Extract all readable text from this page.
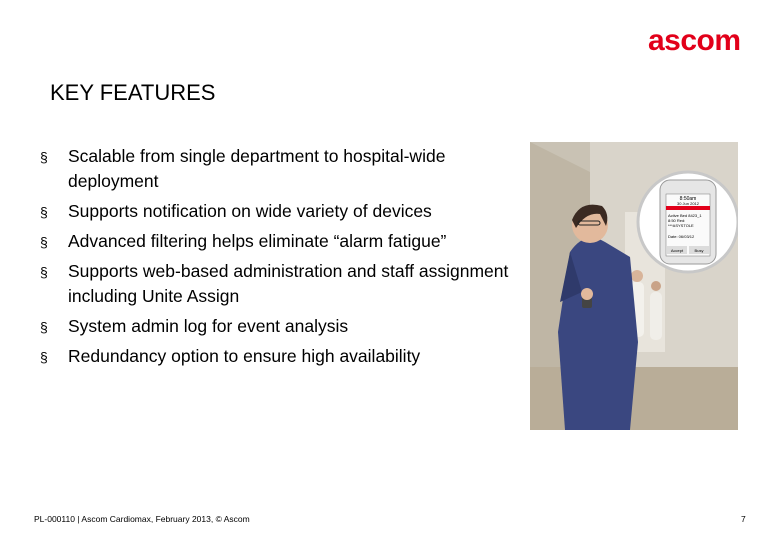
ascom
KEY FEATURES
§ Scalable from single department to hospital-wide deployment
§ Supports notification on wide variety of devices
§ Advanced filtering helps eliminate “alarm fatigue”
§ Supports web-based administration and staff assignment including Unite Assign
§ System admin log for event analysis
§ Redundancy option to ensure high availability
8:50am
30 Jun 2012
Active Bed 8423_1
8:50 Red:
***ASYSTOLE
Date: 06/03/12
Accept	Busy
PL-000110 | Ascom Cardiomax, February 2013, © Ascom	7
